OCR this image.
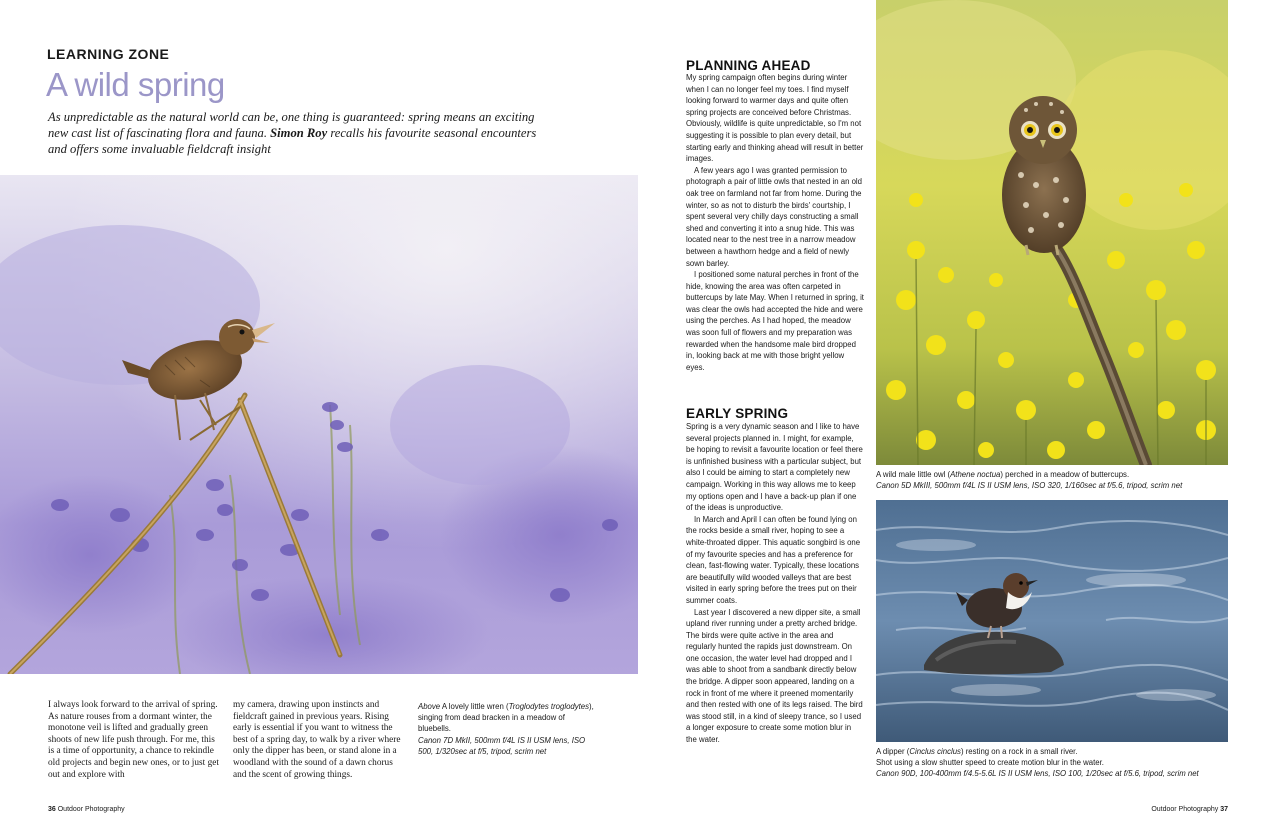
LEARNING ZONE
A wild spring

As unpredictable as the natural world can be, one thing is guaranteed: spring means an exciting new cast list of fascinating flora and fauna. Simon Roy recalls his favourite seasonal encounters and offers some invaluable fieldcraft insight

I always look forward to the arrival of spring. As nature rouses from a dormant winter, the monotone veil is lifted and gradually green shoots of new life push through. For me, this is a time of opportunity, a chance to rekindle old projects and begin new ones, or to just get out and explore with
my camera, drawing upon instincts and fieldcraft gained in previous years. Rising early is essential if you want to witness the best of a spring day, to walk by a river where only the dipper has been, or stand alone in a woodland with the sound of a dawn chorus and the scent of growing things.
Above A lovely little wren (Troglodytes troglodytes), singing from dead bracken in a meadow of bluebells.
Canon 7D MkII, 500mm f/4L IS II USM lens, ISO 500, 1/320sec at f/5, tripod, scrim net
PLANNING AHEAD

My spring campaign often begins during winter when I can no longer feel my toes. I find myself looking forward to warmer days and quite often spring projects are conceived before Christmas. Obviously, wildlife is quite unpredictable, so I'm not suggesting it is possible to plan every detail, but starting early and thinking ahead will result in better images.

A few years ago I was granted permission to photograph a pair of little owls that nested in an old oak tree on farmland not far from home. During the winter, so as not to disturb the birds' courtship, I spent several very chilly days constructing a small shed and converting it into a snug hide. This was located near to the nest tree in a narrow meadow between a hawthorn hedge and a field of newly sown barley.

I positioned some natural perches in front of the hide, knowing the area was often carpeted in buttercups by late May. When I returned in spring, it was clear the owls had accepted the hide and were using the perches. As I had hoped, the meadow was soon full of flowers and my preparation was rewarded when the handsome male bird dropped in, looking back at me with those bright yellow eyes.

EARLY SPRING

Spring is a very dynamic season and I like to have several projects planned in. I might, for example, be hoping to revisit a favourite location or feel there is unfinished business with a particular subject, but also I could be aiming to start a completely new campaign. Working in this way allows me to keep my options open and I have a back-up plan if one of the ideas is unproductive.

In March and April I can often be found lying on the rocks beside a small river, hoping to see a white-throated dipper. This aquatic songbird is one of my favourite species and has a preference for clean, fast-flowing water. Typically, these locations are beautifully wild wooded valleys that are best visited in early spring before the trees put on their summer coats.

Last year I discovered a new dipper site, a small upland river running under a pretty arched bridge. The birds were quite active in the area and regularly hunted the rapids just downstream. On one occasion, the water level had dropped and I was able to shoot from a sandbank directly below the bridge. A dipper soon appeared, landing on a rock in front of me where it preened momentarily and then rested with one of its legs raised. The bird was stood still, in a kind of sleepy trance, so I used a longer exposure to create some motion blur in the water.

A wild male little owl (Athene noctua) perched in a meadow of buttercups.
Canon 5D MkIII, 500mm f/4L IS II USM lens, ISO 320, 1/160sec at f/5.6, tripod, scrim net
A dipper (Cinclus cinclus) resting on a rock in a small river.
Shot using a slow shutter speed to create motion blur in the water.
Canon 90D, 100-400mm f/4.5-5.6L IS II USM lens, ISO 100, 1/20sec at f/5.6, tripod, scrim net
36 Outdoor Photography	Outdoor Photography 37
